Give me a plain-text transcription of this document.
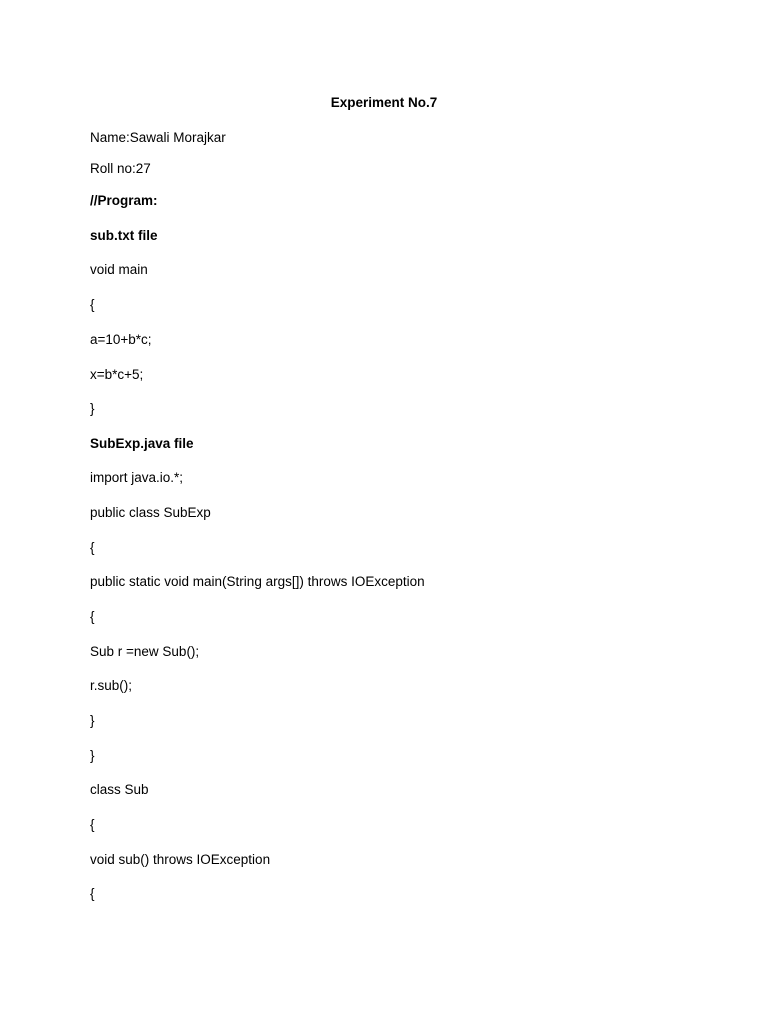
Experiment No.7
Name:Sawali Morajkar
Roll no:27
//Program:
sub.txt file
void main
{
a=10+b*c;
x=b*c+5;
}
SubExp.java file
import java.io.*;
public class SubExp
{
public static void main(String args[]) throws IOException
{
Sub r =new Sub();
r.sub();
}
}
class Sub
{
void sub() throws IOException
{
